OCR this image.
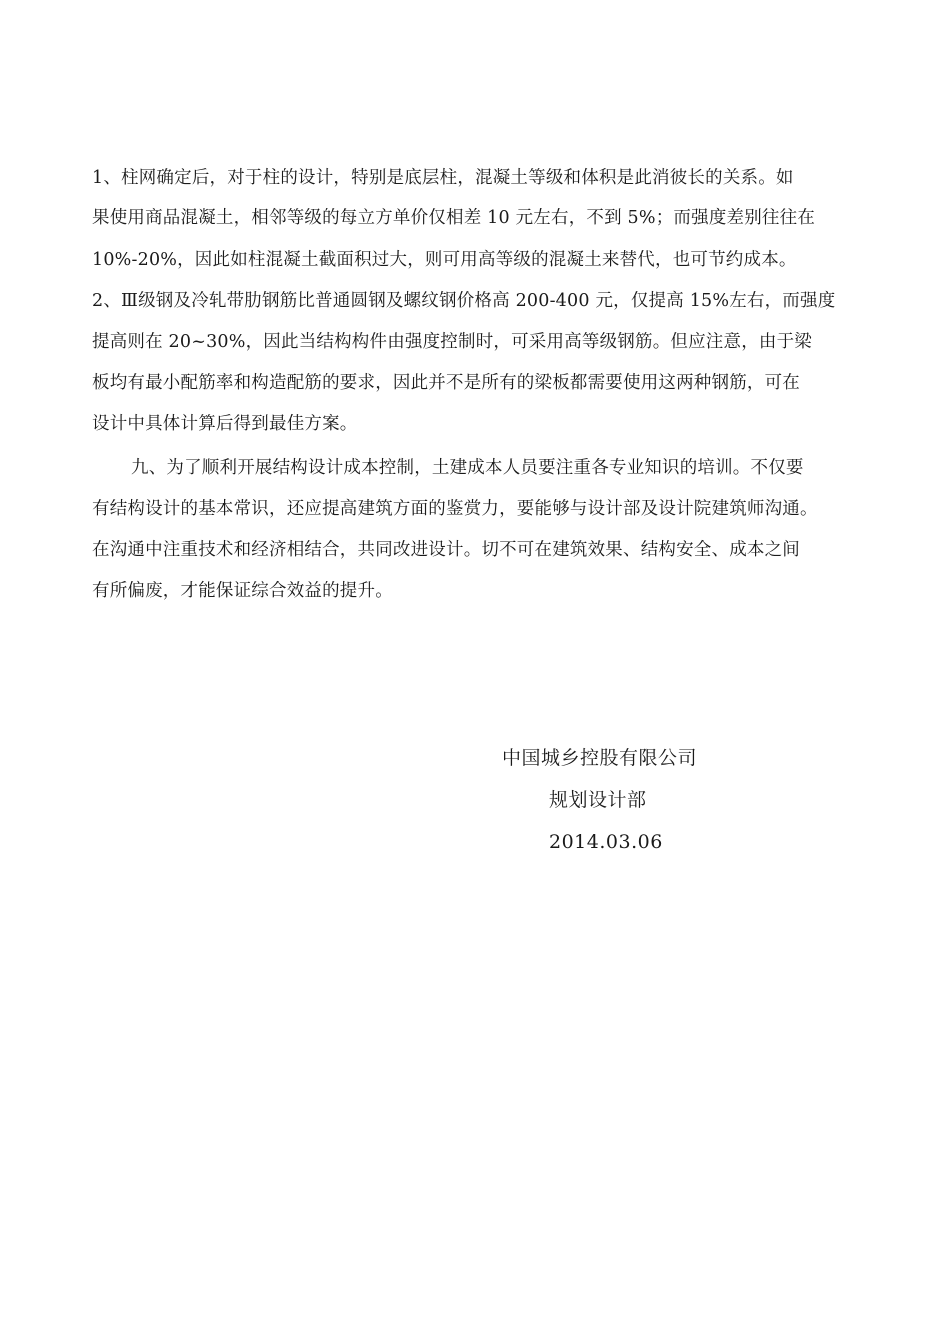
1、柱网确定后，对于柱的设计，特别是底层柱，混凝土等级和体积是此消彼长的关系。如
果使用商品混凝土，相邻等级的每立方单价仅相差 10 元左右，不到 5%；而强度差别往往在
10%-20%，因此如柱混凝土截面积过大，则可用高等级的混凝土来替代，也可节约成本。
2、Ⅲ级钢及冷轧带肋钢筋比普通圆钢及螺纹钢价格高 200-400 元，仅提高 15%左右，而强度
提高则在 20~30%，因此当结构构件由强度控制时，可采用高等级钢筋。但应注意，由于梁
板均有最小配筋率和构造配筋的要求，因此并不是所有的梁板都需要使用这两种钢筋，可在
设计中具体计算后得到最佳方案。
九、为了顺利开展结构设计成本控制，土建成本人员要注重各专业知识的培训。不仅要
有结构设计的基本常识，还应提高建筑方面的鉴赏力，要能够与设计部及设计院建筑师沟通。
在沟通中注重技术和经济相结合，共同改进设计。切不可在建筑效果、结构安全、成本之间
有所偏废，才能保证综合效益的提升。
中国城乡控股有限公司
规划设计部
2014.03.06
